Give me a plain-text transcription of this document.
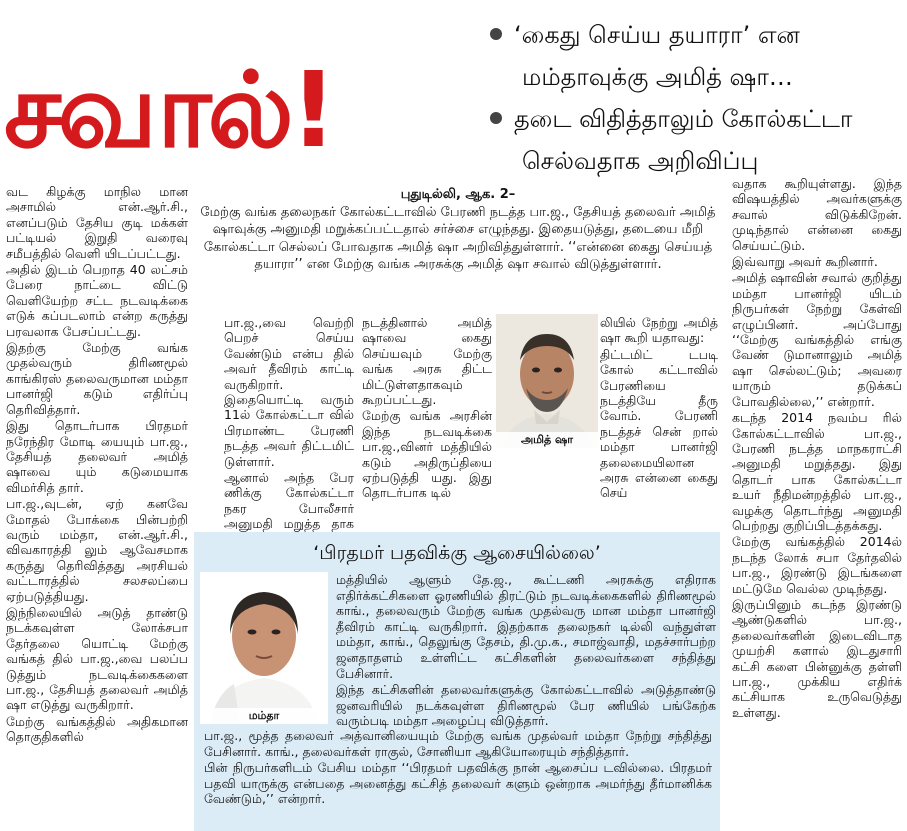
சவால்!
‘கைது செய்ய தயாரா’ என
மம்தாவுக்கு அமித் ஷா…
தடை விதித்தாலும் கோல்கட்டா
செல்வதாக அறிவிப்பு

வட கிழக்கு மாநில மான அசாமில் என்.ஆர்.சி., எனப்படும் தேசிய குடி மக்கள் பட்டியல் இறுதி வரைவு சமீபத்தில் வெளி யிடப்பட்டது.

அதில் இடம் பெறாத 40 லட்சம் பேரை நாட்டை விட்டு வெளியேற்ற சட்ட நடவடிக்கை எடுக் கப்படலாம் என்ற கருத்து பரவலாக பேசப்பட்டது.

இதற்கு மேற்கு வங்க முதல்வரும் திரிணமூல் காங்கிரஸ் தலைவருமான மம்தா பானர்ஜி கடும் எதிர்ப்பு தெரிவித்தார்.

இது தொடர்பாக பிரதமர் நரேந்திர மோடி யையும் பா.ஜ., தேசியத் தலைவர் அமித் ஷாவை யும் கடுமையாக விமர்சித் தார்.

பா.ஜ.,வுடன், ஏற் கனவே மோதல் போக்கை பின்பற்றி வரும் மம்தா, என்.ஆர்.சி., விவகாரத்தி லும் ஆவேசமாக கருத்து தெரிவித்தது அரசியல் வட்டாரத்தில் சலசலப்பை ஏற்படுத்தியது.

இந்நிலையில் அடுத் தாண்டு நடக்கவுள்ள லோக்சபா தேர்தலை யொட்டி மேற்கு வங்கத் தில் பா.ஜ.,வை பலப்ப டுத்தும் நடவடிக்கைகளை பா.ஜ., தேசியத் தலைவர் அமித் ஷா எடுத்து வருகிறார்.

மேற்கு வங்கத்தில் அதிகமான தொகுதிகளில்

புதுடில்லி, ஆக. 2–
மேற்கு வங்க தலைநகர் கோல்கட்டாவில் பேரணி நடத்த பா.ஜ., தேசியத் தலைவர் அமித் ஷாவுக்கு அனுமதி மறுக்கப்பட்டதால் சர்ச்சை எழுந்தது. இதையடுத்து, தடையை மீறி கோல்கட்டா செல்லப் போவதாக அமித் ஷா அறிவித்துள்ளார். ‘‘என்னை கைது செய்யத் தயாரா’’ என மேற்கு வங்க அரசுக்கு அமித் ஷா சவால் விடுத்துள்ளார்.

பா.ஜ.,வை வெற்றி பெறச் செய்ய வேண்டும் என்ப தில் அவர் தீவிரம் காட்டி வருகிறார். இதையொட்டி வரும் 11ல் கோல்கட்டா வில் பிரமாண்ட பேரணி நடத்த அவர் திட்டமிட் டுள்ளார்.

ஆனால் அந்த பேர ணிக்கு கோல்கட்டா நகர போலீசார் அனுமதி மறுத்த தாக

நடத்தினால் அமித் ஷாவை கைது செய்யவும் மேற்கு வங்க அரசு திட்ட மிட்டுள்ளதாகவும் கூறப்பட்டது.

மேற்கு வங்க அரசின் இந்த நடவடிக்கை பா.ஜ.,வினர் மத்தியில் கடும் அதிருப்தியை ஏற்படுத்தி யது. இது தொடர்பாக டில்

அமித் ஷா

லியில் நேற்று அமித் ஷா கூறி யதாவது:

திட்டமிட் டபடி கோல் கட்டாவில் பேரணியை நடத்தியே தீரு வோம். பேரணி நடத்தச் சென் றால் மம்தா பானர்ஜி தலைமையிலான அரசு என்னை கைது செய்

வதாக கூறியுள்ளது. இந்த விஷயத்தில் அவர்களுக்கு சவால் விடுக்கிறேன். முடிந்தால் என்னை கைது செய்யட்டும்.

இவ்வாறு அவர் கூறினார்.

அமித் ஷாவின் சவால் குறித்து மம்தா பானர்ஜி யிடம் நிருபர்கள் நேற்று கேள்வி எழுப்பினர். அப்போது ‘‘மேற்கு வங்கத்தில் எங்கு வேண் டுமானாலும் அமித் ஷா செல்லட்டும்; அவரை யாரும் தடுக்கப் போவதில்லை,’’ என்றார்.

கடந்த 2014 நவம்ப ரில் கோல்கட்டாவில் பா.ஜ., பேரணி நடத்த மாநகராட்சி அனுமதி மறுத்தது. இது தொடர் பாக கோல்கட்டா உயர் நீதிமன்றத்தில் பா.ஜ., வழக்கு தொடர்ந்து அனுமதி பெற்றது குறிப்பிடத்தக்கது.

மேற்கு வங்கத்தில் 2014ல் நடந்த லோக் சபா தேர்தலில் பா.ஜ., இரண்டு இடங்களை மட்டுமே வெல்ல முடிந்தது.

இருப்பினும் கடந்த இரண்டு ஆண்டுகளில் பா.ஜ., தலைவர்களின் இடைவிடாத முயற்சி களால் இடதுசாரி கட்சி களை பின்னுக்கு தள்ளி பா.ஜ., முக்கிய எதிர்க் கட்சியாக உருவெடுத்து உள்ளது.

‘பிரதமர் பதவிக்கு ஆசையில்லை’
மம்தா

மத்தியில் ஆளும் தே.ஜ., கூட்டணி அரசுக்கு எதிராக எதிர்க்கட்சிகளை ஓரணியில் திரட்டும் நடவடிக்கைகளில் திரிணமூல் காங்., தலைவரும் மேற்கு வங்க முதல்வரு மான மம்தா பானர்ஜி தீவிரம் காட்டி வருகிறார். இதற்காக தலைநகர் டில்லி வந்துள்ள மம்தா, காங்., தெலுங்கு தேசம், தி.மு.க., சமாஜ்வாதி, மதச்சார்பற்ற ஜனதாதளம் உள்ளிட்ட கட்சிகளின் தலைவர்களை சந்தித்து பேசினார்.

இந்த கட்சிகளின் தலைவர்களுக்கு கோல்கட்டாவில் அடுத்தாண்டு ஜனவரியில் நடக்கவுள்ள திரிணமூல் பேர ணியில் பங்கேற்க வரும்படி மம்தா அழைப்பு விடுத்தார்.

பா.ஜ., மூத்த தலைவர் அத்வானியையும் மேற்கு வங்க முதல்வர் மம்தா நேற்று சந்தித்து பேசினார். காங்., தலைவர்கள் ராகுல், சோனியா ஆகியோரையும் சந்தித்தார்.

பின் நிருபர்களிடம் பேசிய மம்தா ‘‘பிரதமர் பதவிக்கு நான் ஆசைப்ப டவில்லை. பிரதமர் பதவி யாருக்கு என்பதை அனைத்து கட்சித் தலைவர் களும் ஒன்றாக அமர்ந்து தீர்மானிக்க வேண்டும்,’’ என்றார்.
